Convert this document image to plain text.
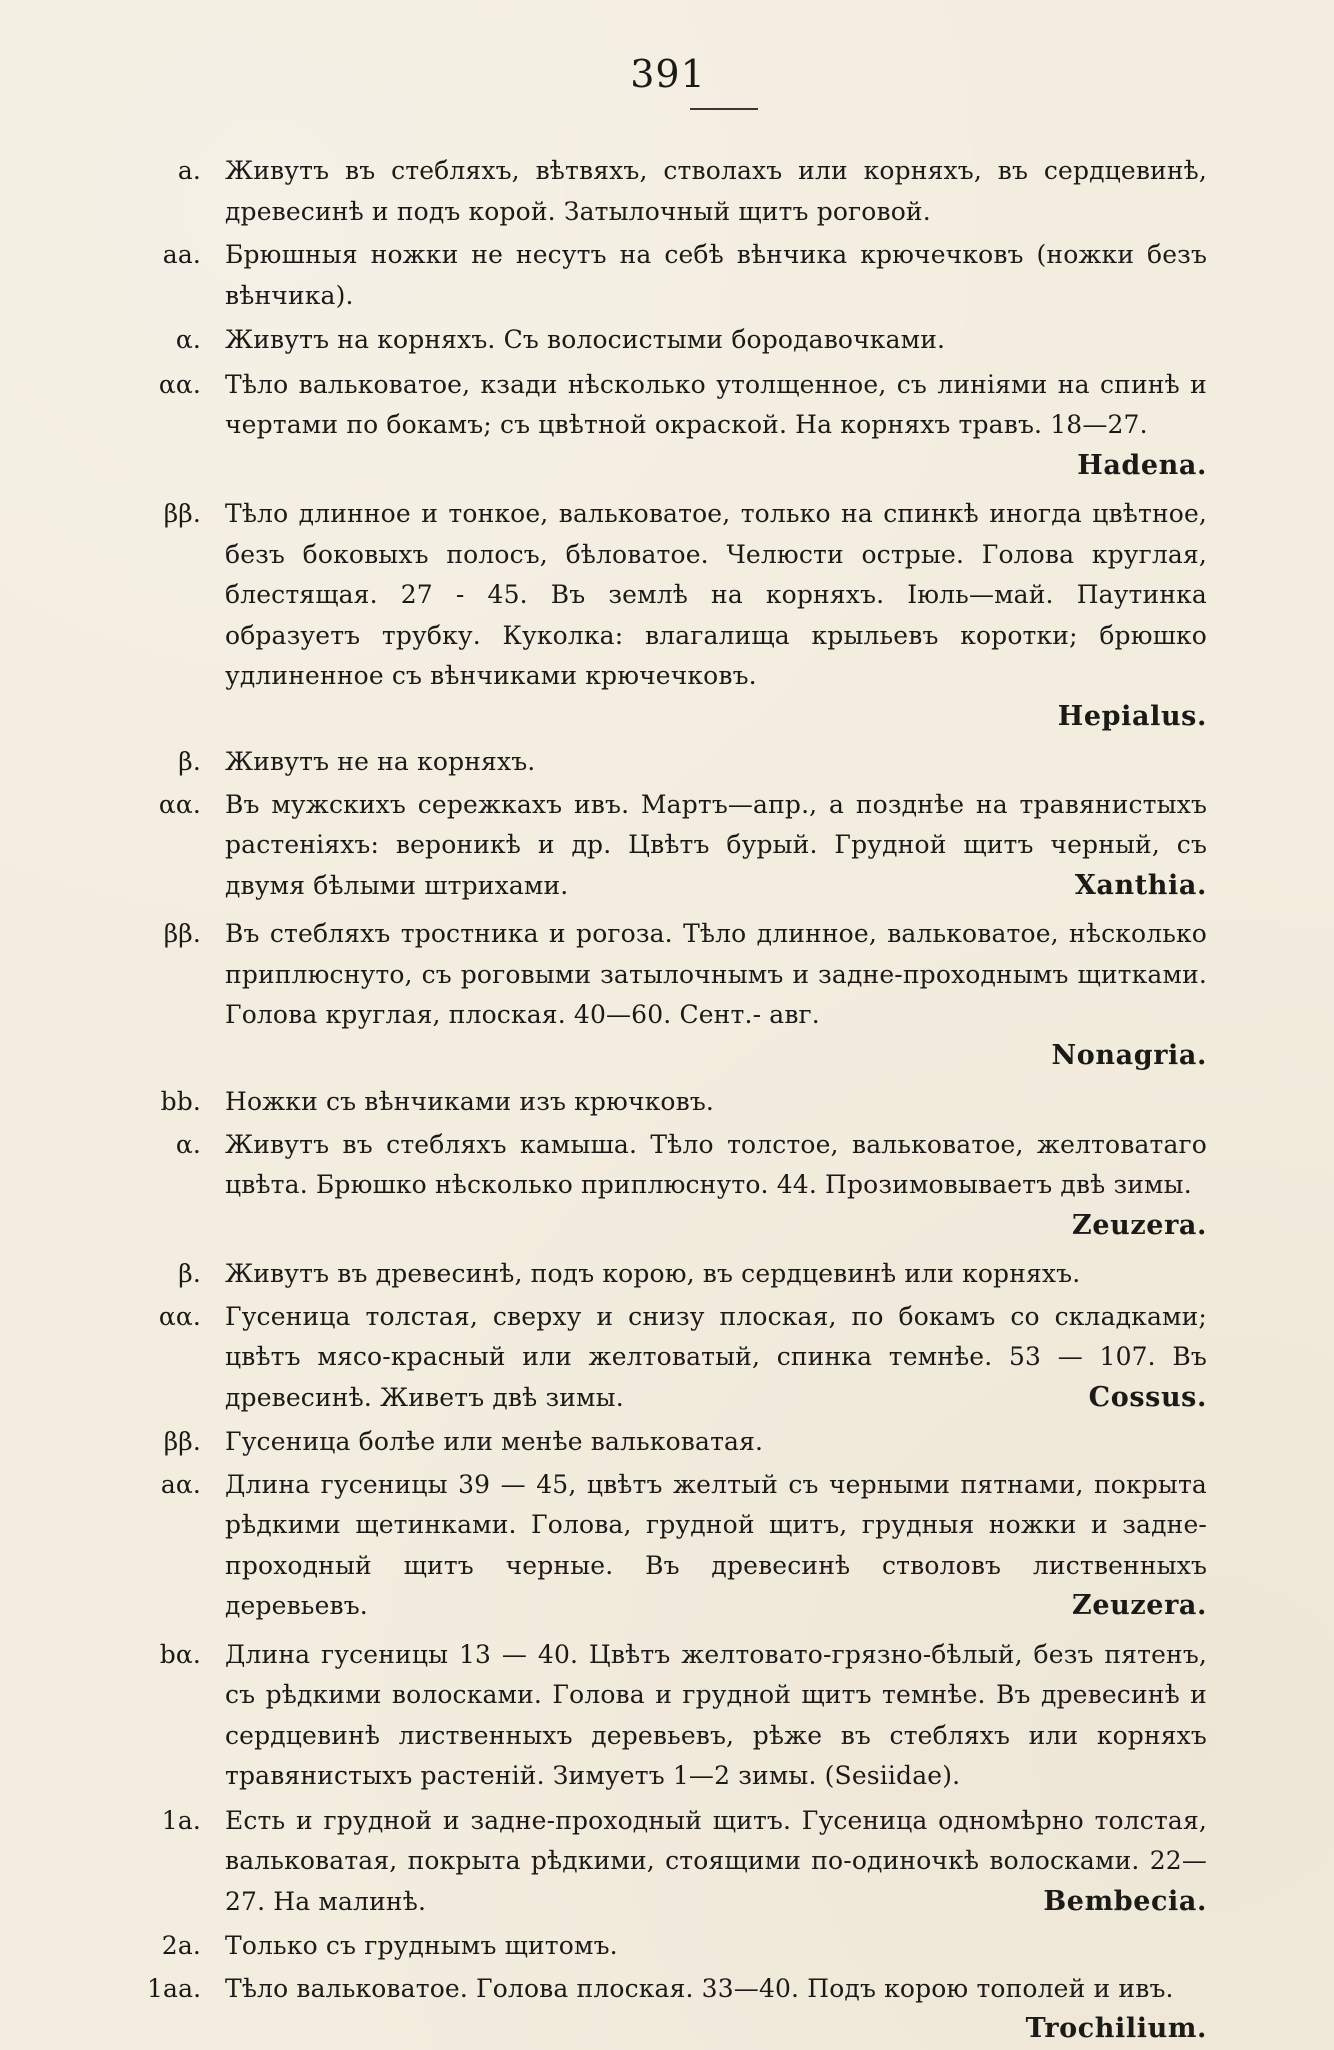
391
а. Живутъ въ стебляхъ, вѣтвяхъ, стволахъ или корняхъ, въ сердцевинѣ, древесинѣ и подъ корой. Затылочный щитъ роговой.
аа. Брюшныя ножки не несутъ на себѣ вѣнчика крючечковъ (ножки безъ вѣнчика).
α. Живутъ на корняхъ. Съ волосистыми бородавочками.
αα. Тѣло вальковатое, кзади нѣсколько утолщенное, съ линіями на спинѣ и чертами по бокамъ; съ цвѣтной окраской. На корняхъ травъ. 18—27.
Hadena.
ββ. Тѣло длинное и тонкое, вальковатое, только на спинкѣ иногда цвѣтное, безъ боковыхъ полосъ, бѣловатое. Челюсти острые. Голова круглая, блестящая. 27 - 45. Въ землѣ на корняхъ. Іюль—май. Паутинка образуетъ трубку. Куколка: влагалища крыльевъ коротки; брюшко удлиненное съ вѣнчиками крючечковъ.
Hepialus.
β. Живутъ не на корняхъ.
αα. Въ мужскихъ сережкахъ ивъ. Мартъ—апр., а позднѣе на травянистыхъ растеніяхъ: вероникѣ и др. Цвѣтъ бурый. Грудной щитъ черный, съ двумя бѣлыми штрихами.	Xanthia.
ββ. Въ стебляхъ тростника и рогоза. Тѣло длинное, вальковатое, нѣсколько приплюснуто, съ роговыми затылочнымъ и задне-проходнымъ щитками. Голова круглая, плоская. 40—60. Сент.- авг.
Nonagria.
bb. Ножки съ вѣнчиками изъ крючковъ.
α. Живутъ въ стебляхъ камыша. Тѣло толстое, вальковатое, желтоватаго цвѣта. Брюшко нѣсколько приплюснуто. 44. Прозимовываетъ двѣ зимы.
Zeuzera.
β. Живутъ въ древесинѣ, подъ корою, въ сердцевинѣ или корняхъ.
αα. Гусеница толстая, сверху и снизу плоская, по бокамъ со складками; цвѣтъ мясо-красный или желтоватый, спинка темнѣе. 53 — 107. Въ древесинѣ. Живетъ двѣ зимы.	Cossus.
ββ. Гусеница болѣе или менѣе вальковатая.
аα. Длина гусеницы 39 — 45, цвѣтъ желтый съ черными пятнами, покрыта рѣдкими щетинками. Голова, грудной щитъ, грудныя ножки и задне-проходный щитъ черные. Въ древесинѣ стволовъ лиственныхъ деревьевъ.	Zeuzera.
bα. Длина гусеницы 13 — 40. Цвѣтъ желтовато-грязно-бѣлый, безъ пятенъ, съ рѣдкими волосками. Голова и грудной щитъ темнѣе. Въ древесинѣ и сердцевинѣ лиственныхъ деревьевъ, рѣже въ стебляхъ или корняхъ травянистыхъ растеній. Зимуетъ 1—2 зимы. (Sesiidae).
1а. Есть и грудной и задне-проходный щитъ. Гусеница одномѣрно толстая, вальковатая, покрыта рѣдкими, стоящими по-одиночкѣ волосками. 22—27. На малинѣ.	Bembecia.
2а. Только съ груднымъ щитомъ.
1аа. Тѣло вальковатое. Голова плоская. 33—40. Подъ корою тополей и ивъ.
Trochilium.
